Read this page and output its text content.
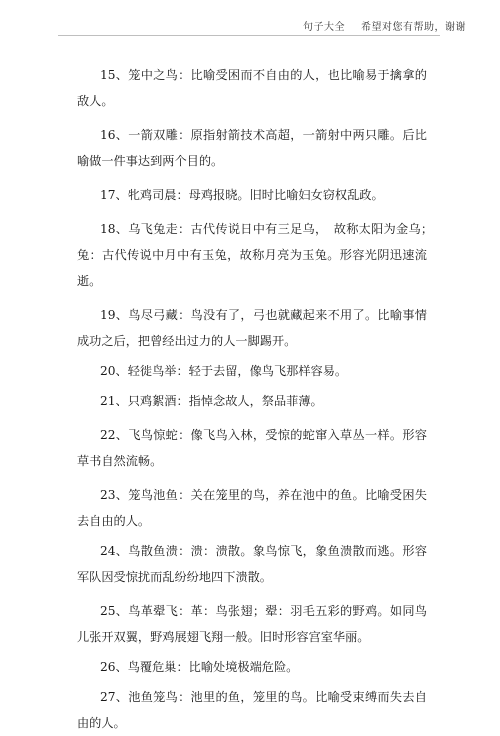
句子大全 希望对您有帮助，谢谢

15、笼中之鸟：比喻受困而不自由的人，也比喻易于擒拿的敌人。

16、一箭双雕：原指射箭技术高超，一箭射中两只雕。后比喻做一件事达到两个目的。

17、牝鸡司晨：母鸡报晓。旧时比喻妇女窃权乱政。

18、乌飞兔走：古代传说日中有三足乌，　故称太阳为金乌；　兔：古代传说中月中有玉兔，故称月亮为玉兔。形容光阴迅速流逝。

19、鸟尽弓藏：鸟没有了，弓也就藏起来不用了。比喻事情成功之后，把曾经出过力的人一脚踢开。

20、轻徙鸟举：轻于去留，像鸟飞那样容易。

21、只鸡絮酒：指悼念故人，祭品菲薄。

22、飞鸟惊蛇：像飞鸟入林，受惊的蛇窜入草丛一样。形容草书自然流畅。

23、笼鸟池鱼：关在笼里的鸟，养在池中的鱼。比喻受困失去自由的人。

24、鸟散鱼溃：溃：溃散。象鸟惊飞，象鱼溃散而逃。形容军队因受惊扰而乱纷纷地四下溃散。

25、鸟革翚飞：革：鸟张翅；翚：羽毛五彩的野鸡。如同鸟儿张开双翼，野鸡展翅飞翔一般。旧时形容宫室华丽。

26、鸟覆危巢：比喻处境极端危险。

27、池鱼笼鸟：池里的鱼，笼里的鸟。比喻受束缚而失去自由的人。
